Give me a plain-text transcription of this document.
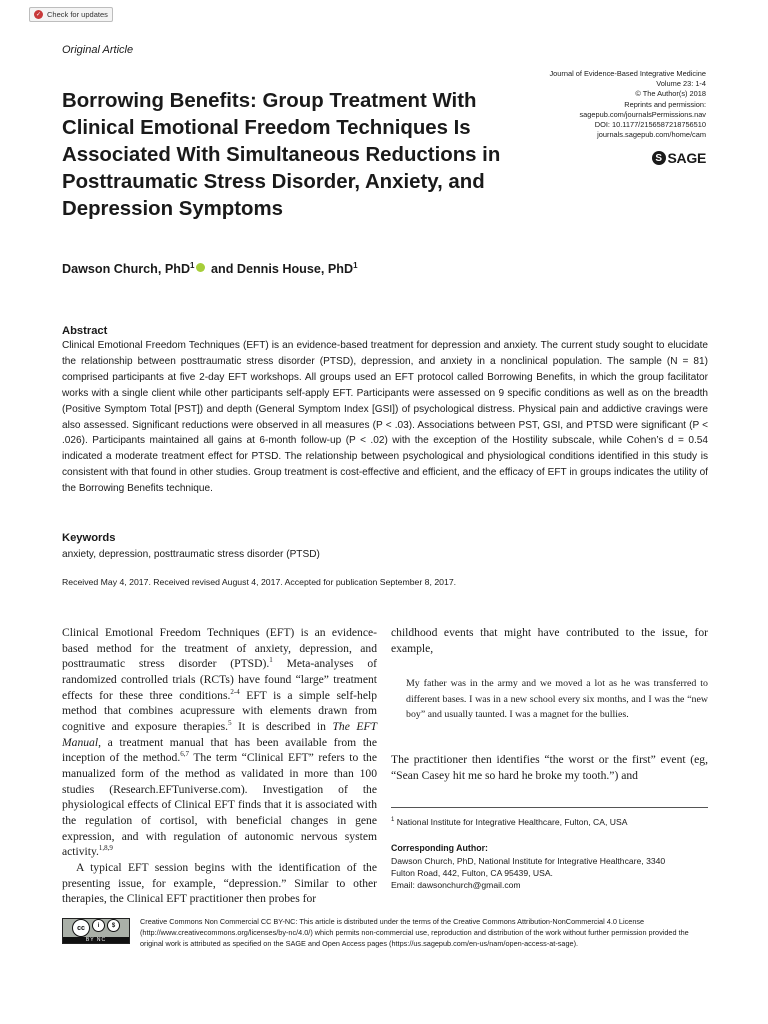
✓ Check for updates
Original Article
Journal of Evidence-Based Integrative Medicine
Volume 23: 1-4
© The Author(s) 2018
Reprints and permission:
sagepub.com/journalsPermissions.nav
DOI: 10.1177/2156587218756510
journals.sagepub.com/home/cam
S SAGE
Borrowing Benefits: Group Treatment With Clinical Emotional Freedom Techniques Is Associated With Simultaneous Reductions in Posttraumatic Stress Disorder, Anxiety, and Depression Symptoms
Dawson Church, PhD$^1$ and Dennis House, PhD$^1$
Abstract

Clinical Emotional Freedom Techniques (EFT) is an evidence-based treatment for depression and anxiety. The current study sought to elucidate the relationship between posttraumatic stress disorder (PTSD), depression, and anxiety in a nonclinical population. The sample (N = 81) comprised participants at five 2-day EFT workshops. All groups used an EFT protocol called Borrowing Benefits, in which the group facilitator works with a single client while other participants self-apply EFT. Participants were assessed on 9 specific conditions as well as on the breadth (Positive Symptom Total [PST]) and depth (General Symptom Index [GSI]) of psychological distress. Physical pain and addictive cravings were also assessed. Significant reductions were observed in all measures (P < .03). Associations between PST, GSI, and PTSD were significant (P < .026). Participants maintained all gains at 6-month follow-up (P < .02) with the exception of the Hostility subscale, while Cohen’s d = 0.54 indicated a moderate treatment effect for PTSD. The relationship between psychological and physiological conditions identified in this study is consistent with that found in other studies. Group treatment is cost-effective and efficient, and the efficacy of EFT in groups indicates the utility of the Borrowing Benefits technique.

Keywords
anxiety, depression, posttraumatic stress disorder (PTSD)
Received May 4, 2017. Received revised August 4, 2017. Accepted for publication September 8, 2017.

Clinical Emotional Freedom Techniques (EFT) is an evidence-based method for the treatment of anxiety, depression, and posttraumatic stress disorder (PTSD).$^1$ Meta-analyses of randomized controlled trials (RCTs) have found “large” treatment effects for these three conditions.$^{2-4}$ EFT is a simple self-help method that combines acupressure with elements drawn from cognitive and exposure therapies.$^5$ It is described in The EFT Manual, a treatment manual that has been available from the inception of the method.$^{6,7}$ The term “Clinical EFT” refers to the manualized form of the method as validated in more than 100 studies (Research.EFTuniverse.com). Investigation of the physiological effects of Clinical EFT finds that it is associated with the regulation of cortisol, with beneficial changes in gene expression, and with regulation of autonomic nervous system activity.$^{1,8,9}$

A typical EFT session begins with the identification of the presenting issue, for example, “depression.” Similar to other therapies, the Clinical EFT practitioner then probes for

childhood events that might have contributed to the issue, for example,

My father was in the army and we moved a lot as he was transferred to different bases. I was in a new school every six months, and I was the “new boy” and usually taunted. I was a magnet for the bullies.

The practitioner then identifies “the worst or the first” event (eg, “Sean Casey hit me so hard he broke my tooth.”) and

$^1$ National Institute for Integrative Healthcare, Fulton, CA, USA
Corresponding Author:
Dawson Church, PhD, National Institute for Integrative Healthcare, 3340
Fulton Road, 442, Fulton, CA 95439, USA.
Email: dawsonchurch@gmail.com
cc	i	$
BY NC

Creative Commons Non Commercial CC BY-NC: This article is distributed under the terms of the Creative Commons Attribution-NonCommercial 4.0 License (http://www.creativecommons.org/licenses/by-nc/4.0/) which permits non-commercial use, reproduction and distribution of the work without further permission provided the original work is attributed as specified on the SAGE and Open Access pages (https://us.sagepub.com/en-us/nam/open-access-at-sage).
